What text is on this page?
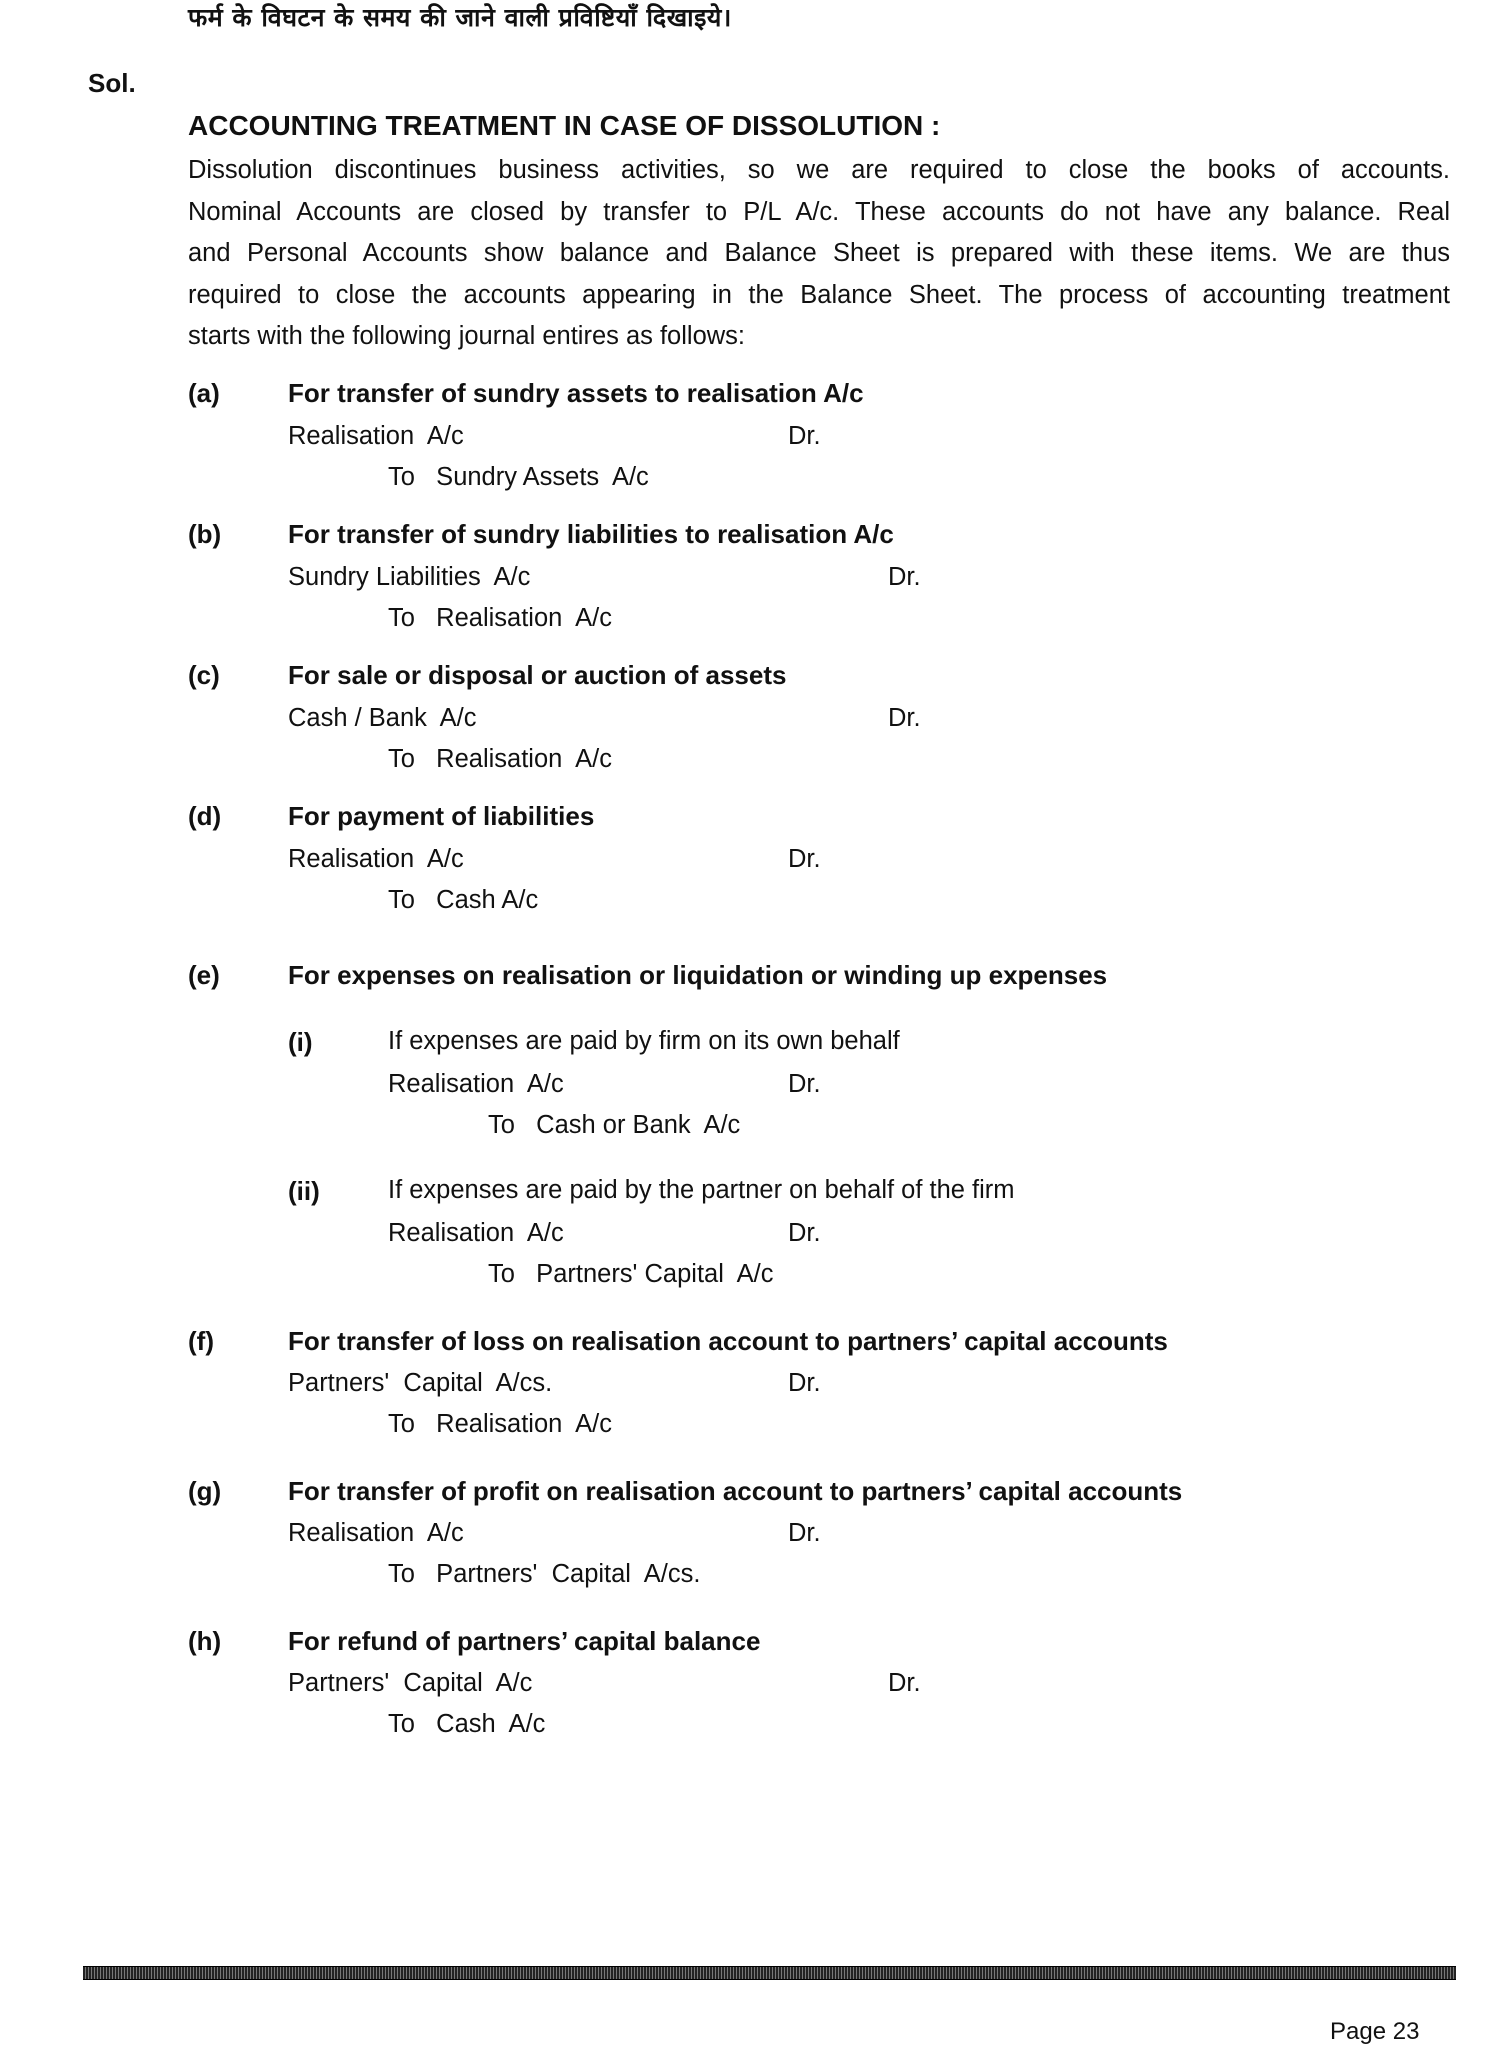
फर्म के विघटन के समय की जाने वाली प्रविष्टियाँ दिखाइये।
Sol.
ACCOUNTING TREATMENT IN CASE OF DISSOLUTION :
Dissolution discontinues business activities, so we are required to close the books of accounts.
Nominal Accounts are closed by transfer to P/L A/c. These accounts do not have any balance. Real
and Personal Accounts show balance and Balance Sheet is prepared with these items. We are thus
required to close the accounts appearing in the Balance Sheet. The process of accounting treatment
starts with the following journal entires as follows:
(a)	For transfer of sundry assets to realisation A/c
Realisation  A/c	Dr.
To   Sundry Assets  A/c
(b)	For transfer of sundry liabilities to realisation A/c
Sundry Liabilities  A/c	Dr.
To   Realisation  A/c
(c)	For sale or disposal or auction of assets
Cash / Bank  A/c	Dr.
To   Realisation  A/c
(d)	For payment of liabilities
Realisation  A/c	Dr.
To   Cash A/c
(e)	For expenses on realisation or liquidation or winding up expenses
(i)	If expenses are paid by firm on its own behalf
Realisation  A/c	Dr.
To   Cash or Bank  A/c
(ii)	If expenses are paid by the partner on behalf of the firm
Realisation  A/c	Dr.
To   Partners' Capital  A/c
(f)	For transfer of loss on realisation account to partners’ capital accounts
Partners'  Capital  A/cs.	Dr.
To   Realisation  A/c
(g)	For transfer of profit on realisation account to partners’ capital accounts
Realisation  A/c	Dr.
To   Partners'  Capital  A/cs.
(h)	For refund of partners’ capital balance
Partners'  Capital  A/c	Dr.
To   Cash  A/c
Page 23
